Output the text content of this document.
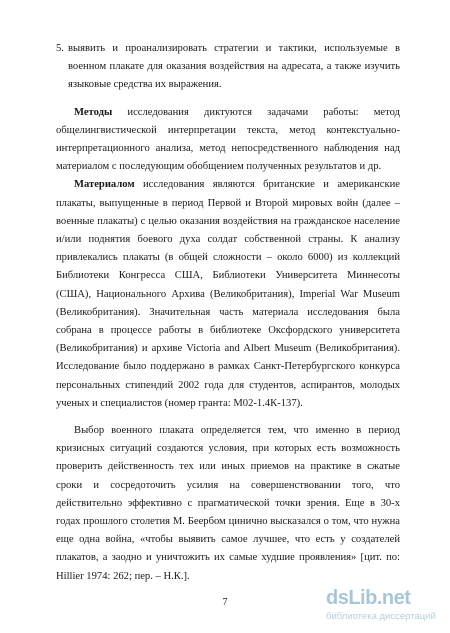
5. выявить и проанализировать стратегии и тактики, используемые в военном плакате для оказания воздействия на адресата, а также изучить языковые средства их выражения.

Методы исследования диктуются задачами работы: метод общелингвистической интерпретации текста, метод контекстуально-интерпретационного анализа, метод непосредственного наблюдения над материалом с последующим обобщением полученных результатов и др.

Материалом исследования являются британские и американские плакаты, выпущенные в период Первой и Второй мировых войн (далее – военные плакаты) с целью оказания воздействия на гражданское население и/или поднятия боевого духа солдат собственной страны. К анализу привлекались плакаты (в общей сложности – около 6000) из коллекций Библиотеки Конгресса США, Библиотеки Университета Миннесоты (США), Национального Архива (Великобритания), Imperial War Museum (Великобритания). Значительная часть материала исследования была собрана в процессе работы в библиотеке Оксфордского университета (Великобритания) и архиве Victoria and Albert Museum (Великобритания). Исследование было поддержано в рамках Санкт-Петербургского конкурса персональных стипендий 2002 года для студентов, аспирантов, молодых ученых и специалистов (номер гранта: М02-1.4К-137).

Выбор военного плаката определяется тем, что именно в период кризисных ситуаций создаются условия, при которых есть возможность проверить действенность тех или иных приемов на практике в сжатые сроки и сосредоточить усилия на совершенствовании того, что действительно эффективно с прагматической точки зрения. Еще в 30-х годах прошлого столетия М. Беербом цинично высказался о том, что нужна еще одна война, «чтобы выявить самое лучшее, что есть у создателей плакатов, а заодно и уничтожить их самые худшие проявления» [цит. по: Hillier 1974: 262; пер. – Н.К.].

7	dsLib.net
библиотека диссертаций
